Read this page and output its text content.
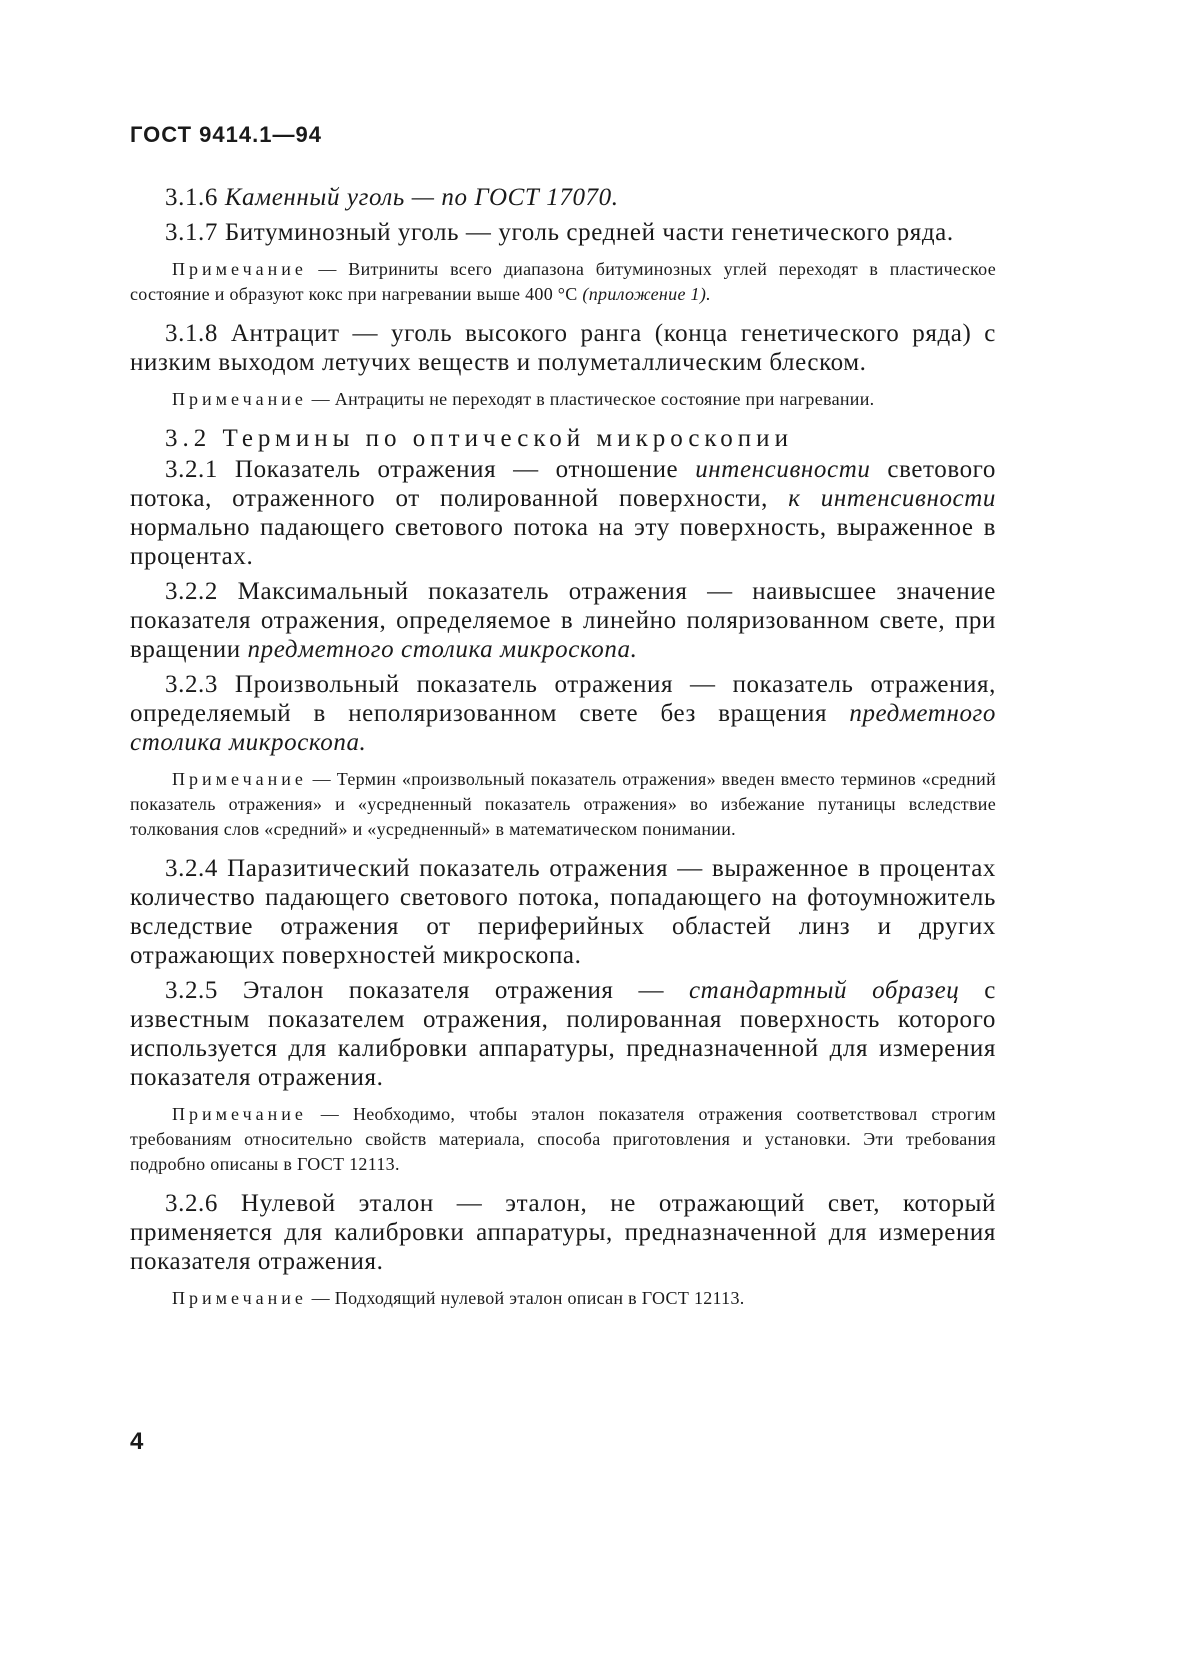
ГОСТ 9414.1—94

3.1.6 Каменный уголь — по ГОСТ 17070.

3.1.7 Битуминозный уголь — уголь средней части генетического ряда.

Примечание — Витриниты всего диапазона битуминозных углей переходят в пластическое состояние и образуют кокс при нагревании выше 400 °С (приложение 1).

3.1.8 Антрацит — уголь высокого ранга (конца генетического ряда) с низким выходом летучих веществ и полуметаллическим блеском.

Примечание — Антрациты не переходят в пластическое состояние при нагревании.

3.2 Термины по оптической микроскопии

3.2.1 Показатель отражения — отношение интенсивности светового потока, отраженного от полированной поверхности, к интенсивности нормально падающего светового потока на эту поверхность, выраженное в процентах.

3.2.2 Максимальный показатель отражения — наивысшее значение показателя отражения, определяемое в линейно поляризованном свете, при вращении предметного столика микроскопа.

3.2.3 Произвольный показатель отражения — показатель отражения, определяемый в неполяризованном свете без вращения предметного столика микроскопа.

Примечание — Термин «произвольный показатель отражения» введен вместо терминов «средний показатель отражения» и «усредненный показатель отражения» во избежание путаницы вследствие толкования слов «средний» и «усредненный» в математическом понимании.

3.2.4 Паразитический показатель отражения — выраженное в процентах количество падающего светового потока, попадающего на фотоумножитель вследствие отражения от периферийных областей линз и других отражающих поверхностей микроскопа.

3.2.5 Эталон показателя отражения — стандартный образец с известным показателем отражения, полированная поверхность которого используется для калибровки аппаратуры, предназначенной для измерения показателя отражения.

Примечание — Необходимо, чтобы эталон показателя отражения соответствовал строгим требованиям относительно свойств материала, способа приготовления и установки. Эти требования подробно описаны в ГОСТ 12113.

3.2.6 Нулевой эталон — эталон, не отражающий свет, который применяется для калибровки аппаратуры, предназначенной для измерения показателя отражения.

Примечание — Подходящий нулевой эталон описан в ГОСТ 12113.

4
